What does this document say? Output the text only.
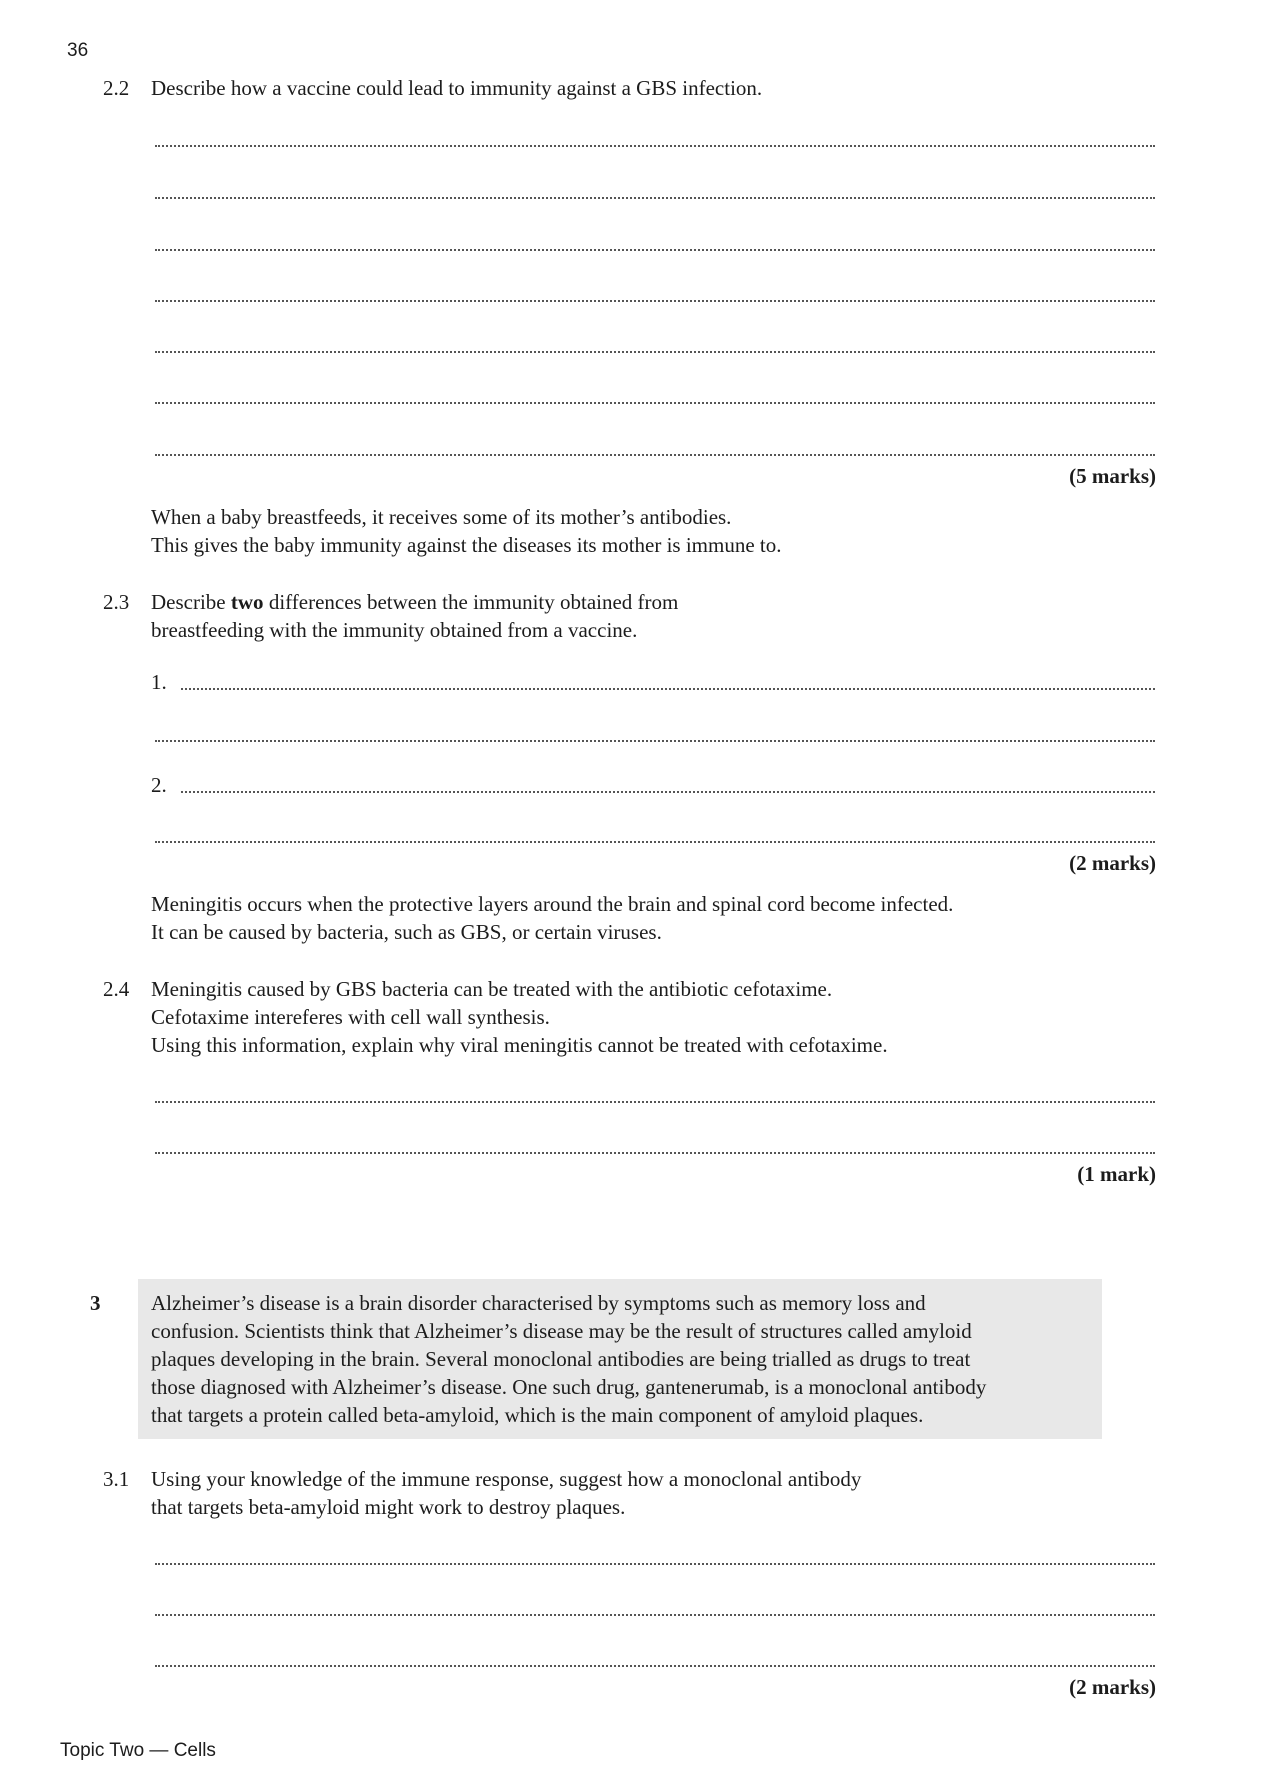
36
2.2 Describe how a vaccine could lead to immunity against a GBS infection.
(5 marks)
When a baby breastfeeds, it receives some of its mother’s antibodies.
This gives the baby immunity against the diseases its mother is immune to.
2.3 Describe two differences between the immunity obtained from
breastfeeding with the immunity obtained from a vaccine.
1.
2.
(2 marks)
Meningitis occurs when the protective layers around the brain and spinal cord become infected.
It can be caused by bacteria, such as GBS, or certain viruses.
2.4 Meningitis caused by GBS bacteria can be treated with the antibiotic cefotaxime.
Cefotaxime intereferes with cell wall synthesis.
Using this information, explain why viral meningitis cannot be treated with cefotaxime.
(1 mark)
3 Alzheimer’s disease is a brain disorder characterised by symptoms such as memory loss and
confusion. Scientists think that Alzheimer’s disease may be the result of structures called amyloid
plaques developing in the brain. Several monoclonal antibodies are being trialled as drugs to treat
those diagnosed with Alzheimer’s disease. One such drug, gantenerumab, is a monoclonal antibody
that targets a protein called beta-amyloid, which is the main component of amyloid plaques.
3.1 Using your knowledge of the immune response, suggest how a monoclonal antibody
that targets beta-amyloid might work to destroy plaques.
(2 marks)
Topic Two — Cells
